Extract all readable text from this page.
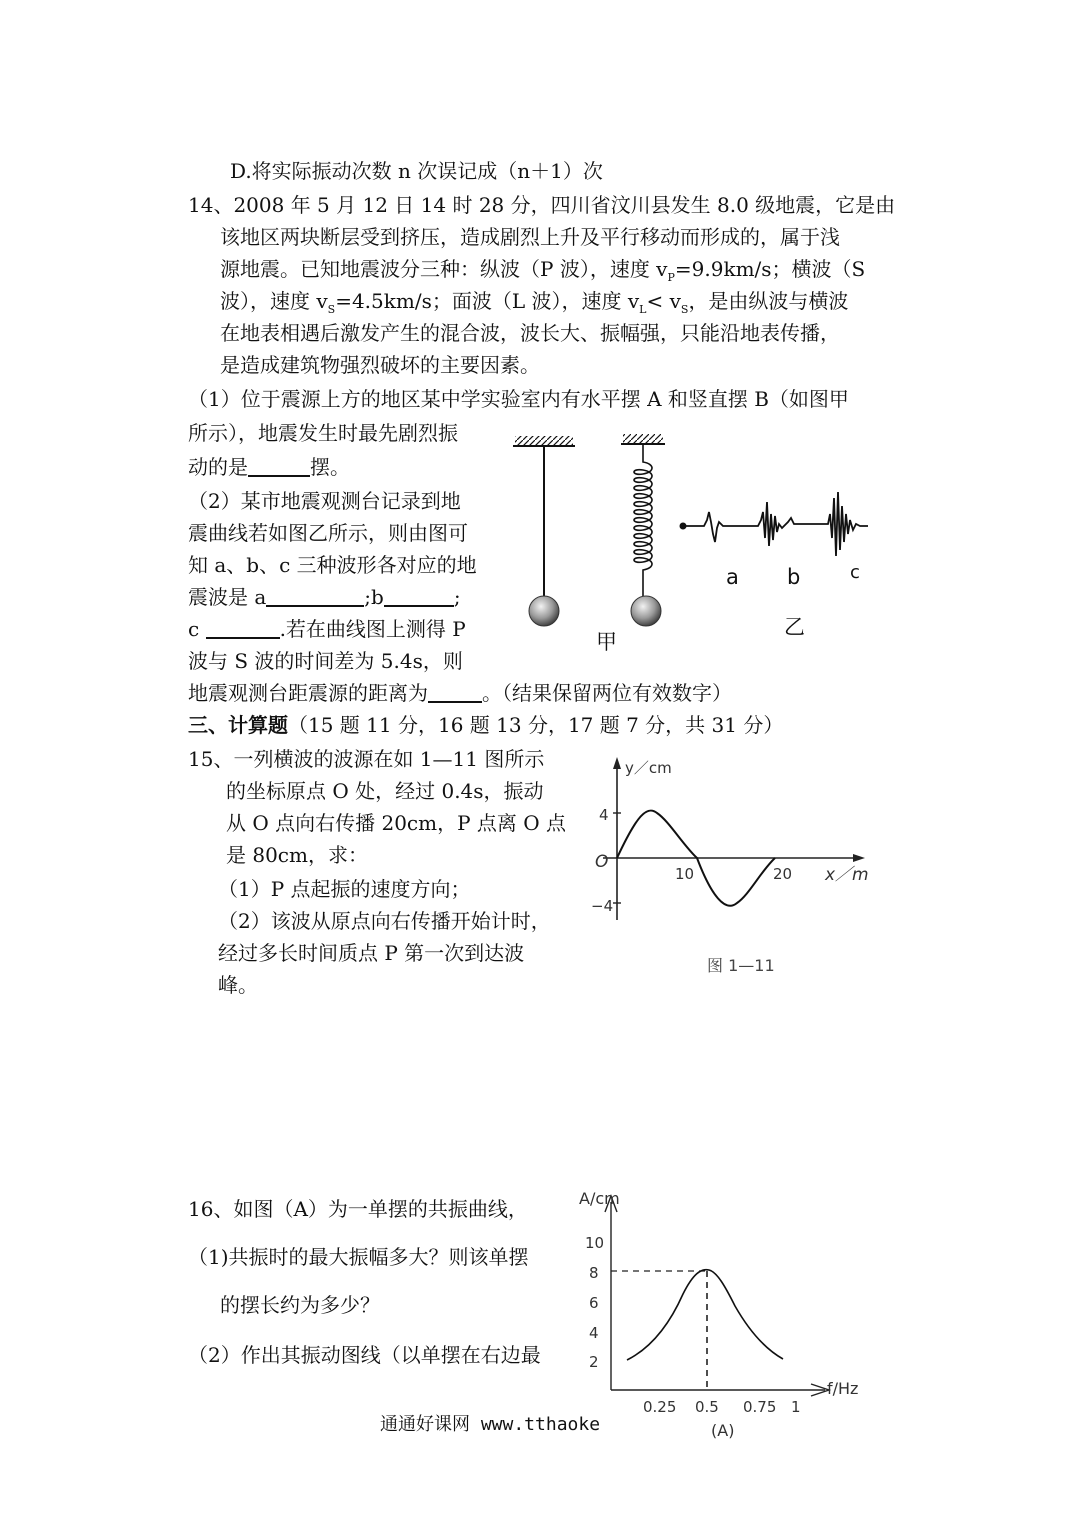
D.将实际振动次数 n 次误记成（n＋1）次
14、2008 年 5 月 12 日 14 时 28 分，四川省汶川县发生 8.0 级地震，它是由
该地区两块断层受到挤压，造成剧烈上升及平行移动而形成的，属于浅
源地震。已知地震波分三种：纵波（P 波），速度 $v_P=9.9km/s$；横波（S
波），速度 $v_S=4.5km/s$；面波（L 波），速度 $v_L< v_S$，是由纵波与横波
在地表相遇后激发产生的混合波，波长大、振幅强，只能沿地表传播，
是造成建筑物强烈破坏的主要因素。
（1）位于震源上方的地区某中学实验室内有水平摆 A 和竖直摆 B（如图甲
所示），地震发生时最先剧烈振
动的是	摆。
（2）某市地震观测台记录到地
震曲线若如图乙所示，则由图可
知 a、b、c 三种波形各对应的地
震波是 a	;b	;
c	.若在曲线图上测得 P
波与 S 波的时间差为 5.4s，则
地震观测台距震源的距离为	。（结果保留两位有效数字）
甲
a b	c
乙
三、计算题（15 题 11 分，16 题 13 分，17 题 7 分，共 31 分）
15、一列横波的波源在如 1—11 图所示
的坐标原点 O 处，经过 0.4s，振动
从 O 点向右传播 20cm，P 点离 O 点
是 80cm，求：
（1）P 点起振的速度方向；
（2）该波从原点向右传播开始计时，
经过多长时间质点 P 第一次到达波
峰。
y／cm
x／m
O
4
−4
10	20
图 1—11
16、如图（A）为一单摆的共振曲线，
（1)共振时的最大振幅多大？则该单摆
的摆长约为多少？
（2）作出其振动图线（以单摆在右边最
A/cm
f/Hz
2
4
6
8
10
0.25 0.5 0.75 1
(A)
通通好课网 www.tthaoke
